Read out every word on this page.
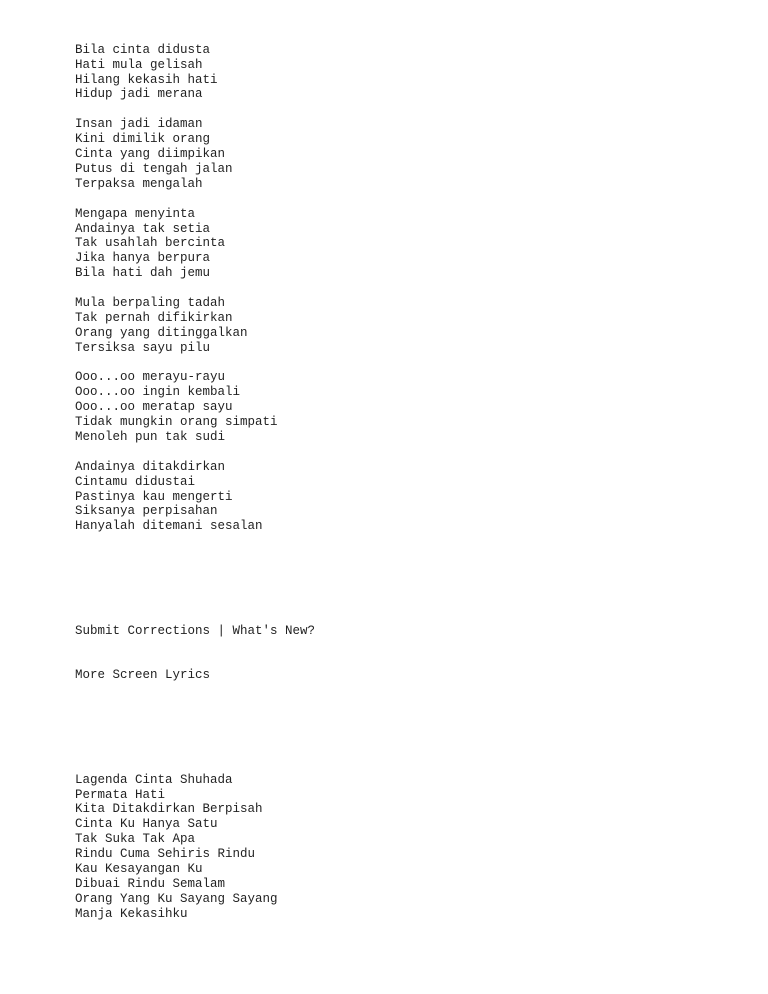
Bila cinta didusta
Hati mula gelisah
Hilang kekasih hati
Hidup jadi merana
Insan jadi idaman
Kini dimilik orang
Cinta yang diimpikan
Putus di tengah jalan
Terpaksa mengalah
Mengapa menyinta
Andainya tak setia
Tak usahlah bercinta
Jika hanya berpura
Bila hati dah jemu
Mula berpaling tadah
Tak pernah difikirkan
Orang yang ditinggalkan
Tersiksa sayu pilu
Ooo...oo merayu-rayu
Ooo...oo ingin kembali
Ooo...oo meratap sayu
Tidak mungkin orang simpati
Menoleh pun tak sudi
Andainya ditakdirkan
Cintamu didustai
Pastinya kau mengerti
Siksanya perpisahan
Hanyalah ditemani sesalan

Submit Corrections | What's New?

More Screen Lyrics

Lagenda Cinta Shuhada
Permata Hati
Kita Ditakdirkan Berpisah
Cinta Ku Hanya Satu
Tak Suka Tak Apa
Rindu Cuma Sehiris Rindu
Kau Kesayangan Ku
Dibuai Rindu Semalam
Orang Yang Ku Sayang Sayang
Manja Kekasihku
